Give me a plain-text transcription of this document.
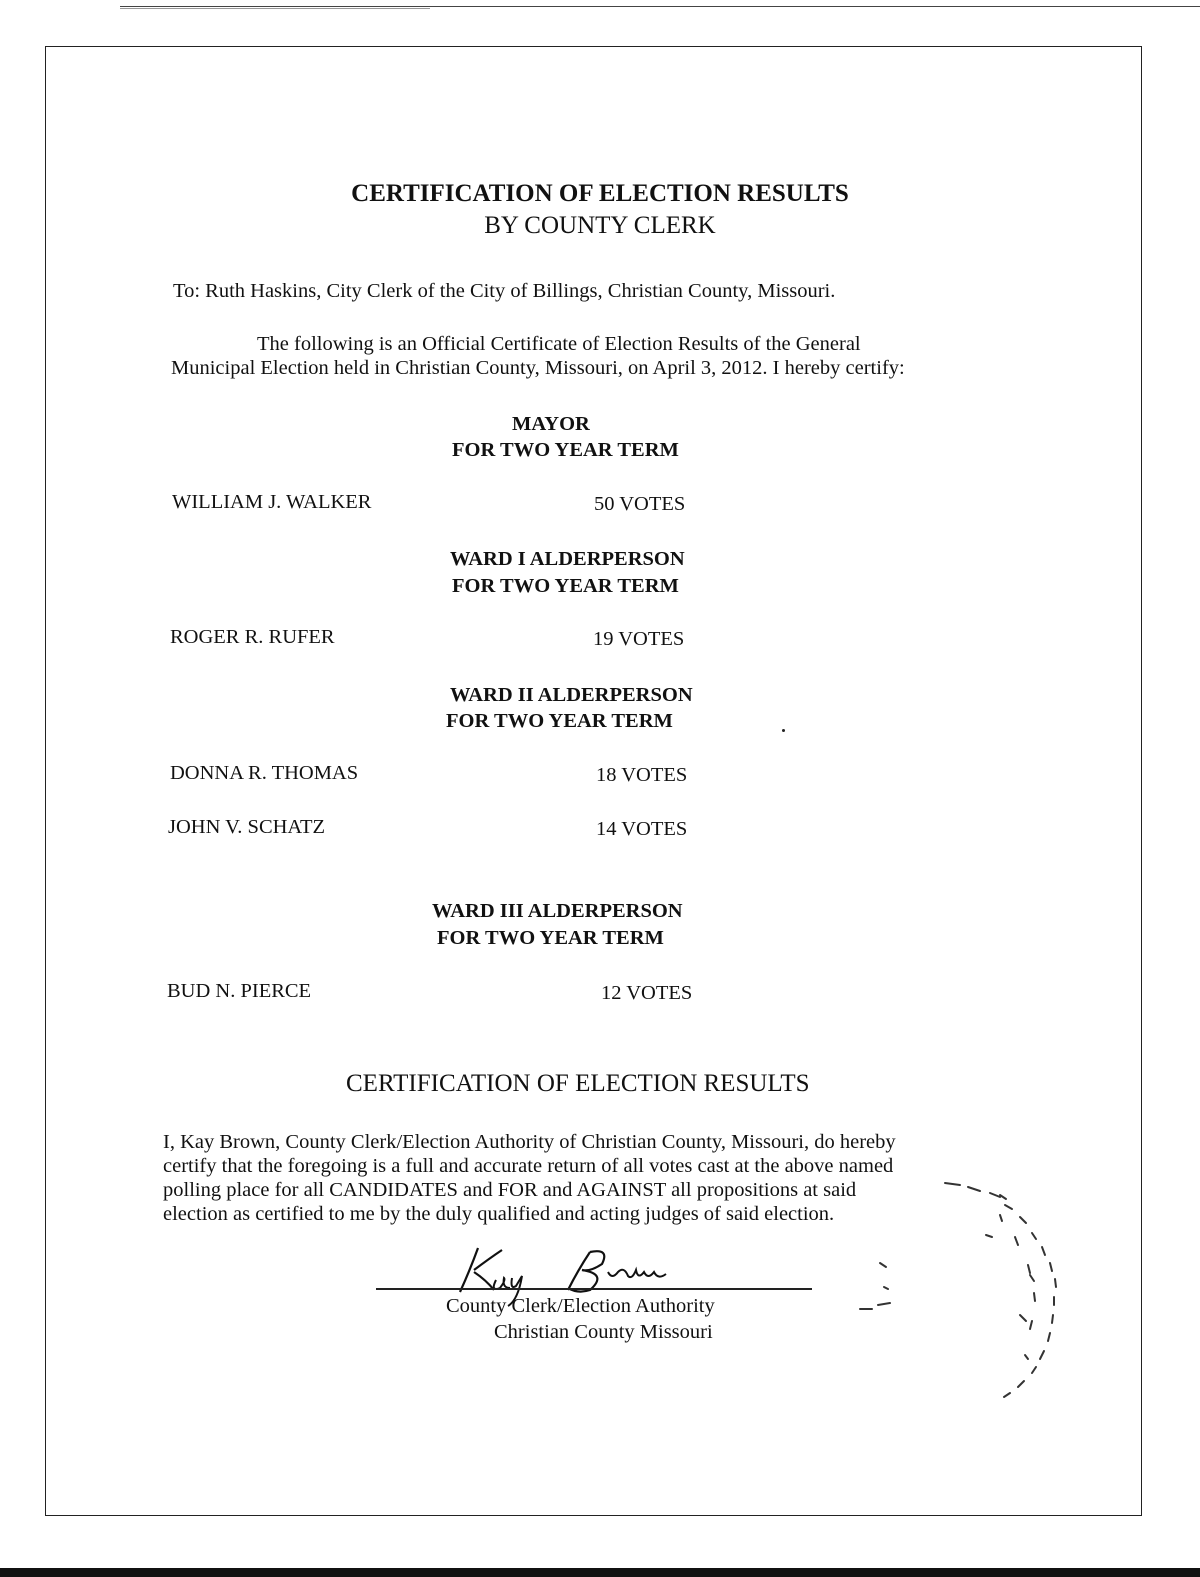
CERTIFICATION OF ELECTION RESULTS
BY COUNTY CLERK
To: Ruth Haskins, City Clerk of the City of Billings, Christian County, Missouri.
The following is an Official Certificate of Election Results of the General
Municipal Election held in Christian County, Missouri, on April 3, 2012. I hereby certify:
MAYOR
FOR TWO YEAR TERM
WILLIAM J. WALKER	50 VOTES
WARD I ALDERPERSON
FOR TWO YEAR TERM
ROGER R. RUFER	19 VOTES
WARD II ALDERPERSON
FOR TWO YEAR TERM
DONNA R. THOMAS	18 VOTES
JOHN V. SCHATZ	14 VOTES
WARD III ALDERPERSON
FOR TWO YEAR TERM
BUD N. PIERCE	12 VOTES
CERTIFICATION OF ELECTION RESULTS
I, Kay Brown, County Clerk/Election Authority of Christian County, Missouri, do hereby
certify that the foregoing is a full and accurate return of all votes cast at the above named
polling place for all CANDIDATES and FOR and AGAINST all propositions at said
election as certified to me by the duly qualified and acting judges of said election.
County Clerk/Election Authority
Christian County Missouri
